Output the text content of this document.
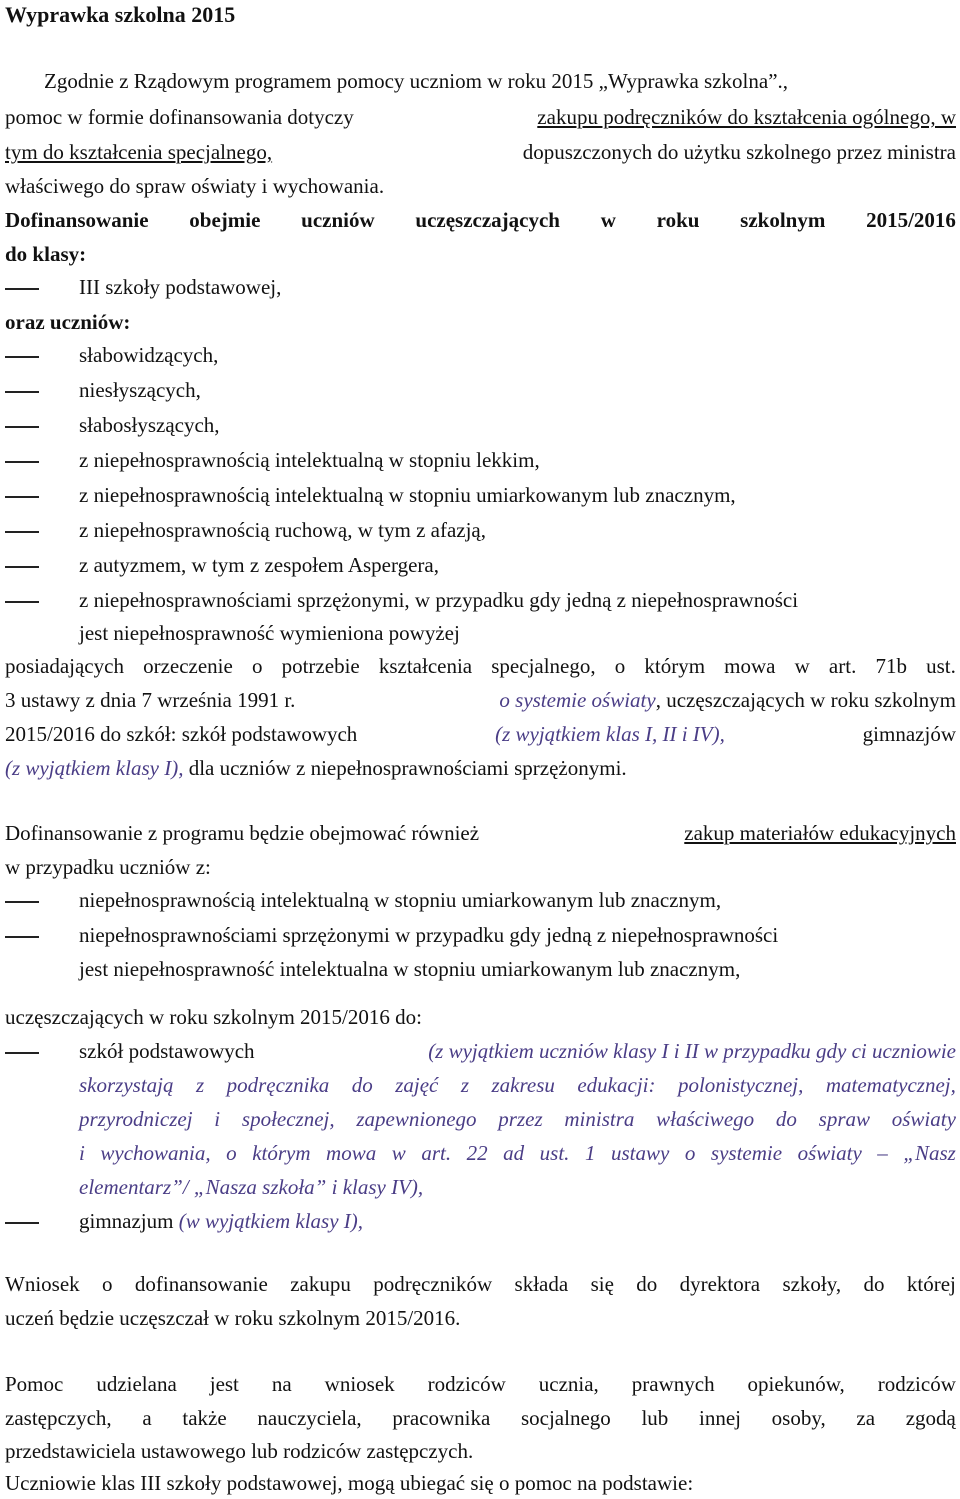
Wyprawka szkolna 2015
Zgodnie z Rządowym programem pomocy uczniom w roku 2015 „Wyprawka szkolna”.,
pomoc w formie dofinansowania dotyczy	zakupu podręczników do kształcenia ogólnego, w
tym do kształcenia specjalnego,	dopuszczonych do użytku szkolnego przez ministra
właściwego do spraw oświaty i wychowania.
Dofinansowanie obejmie uczniów uczęszczających w roku szkolnym 2015/2016
do klasy:
III szkoły podstawowej,
oraz uczniów:
słabowidzących,
niesłyszących,
słabosłyszących,
z niepełnosprawnością intelektualną w stopniu lekkim,
z niepełnosprawnością intelektualną w stopniu umiarkowanym lub znacznym,
z niepełnosprawnością ruchową, w tym z afazją,
z autyzmem, w tym z zespołem Aspergera,
z niepełnosprawnościami sprzężonymi, w przypadku gdy jedną z niepełnosprawności
jest niepełnosprawność wymieniona powyżej
posiadających orzeczenie o potrzebie kształcenia specjalnego, o którym mowa w art. 71b ust.
3 ustawy z dnia 7 września 1991 r.	o systemie oświaty, uczęszczających w roku szkolnym
2015/2016 do szkół: szkół podstawowych	(z wyjątkiem klas I, II i IV),	gimnazjów
(z wyjątkiem klasy I), dla uczniów z niepełnosprawnościami sprzężonymi.
Dofinansowanie z programu będzie obejmować również	zakup materiałów edukacyjnych
w przypadku uczniów z:
niepełnosprawnością intelektualną w stopniu umiarkowanym lub znacznym,
niepełnosprawnościami sprzężonymi w przypadku gdy jedną z niepełnosprawności
jest niepełnosprawność intelektualna w stopniu umiarkowanym lub znacznym,
uczęszczających w roku szkolnym 2015/2016 do:
szkół podstawowych	(z wyjątkiem uczniów klasy I i II w przypadku gdy ci uczniowie
skorzystają z podręcznika do zajęć z zakresu edukacji: polonistycznej, matematycznej,
przyrodniczej i społecznej, zapewnionego przez ministra właściwego do spraw oświaty
i wychowania, o którym mowa w art. 22 ad ust. 1 ustawy o systemie oświaty – „Nasz
elementarz”/ „Nasza szkoła” i klasy IV),
gimnazjum (w wyjątkiem klasy I),
Wniosek o dofinansowanie zakupu podręczników składa się do dyrektora szkoły, do której
uczeń będzie uczęszczał w roku szkolnym 2015/2016.
Pomoc udzielana jest na wniosek rodziców ucznia, prawnych opiekunów, rodziców
zastępczych, a także nauczyciela, pracownika socjalnego lub innej osoby, za zgodą
przedstawiciela ustawowego lub rodziców zastępczych.
Uczniowie klas III szkoły podstawowej, mogą ubiegać się o pomoc na podstawie:
